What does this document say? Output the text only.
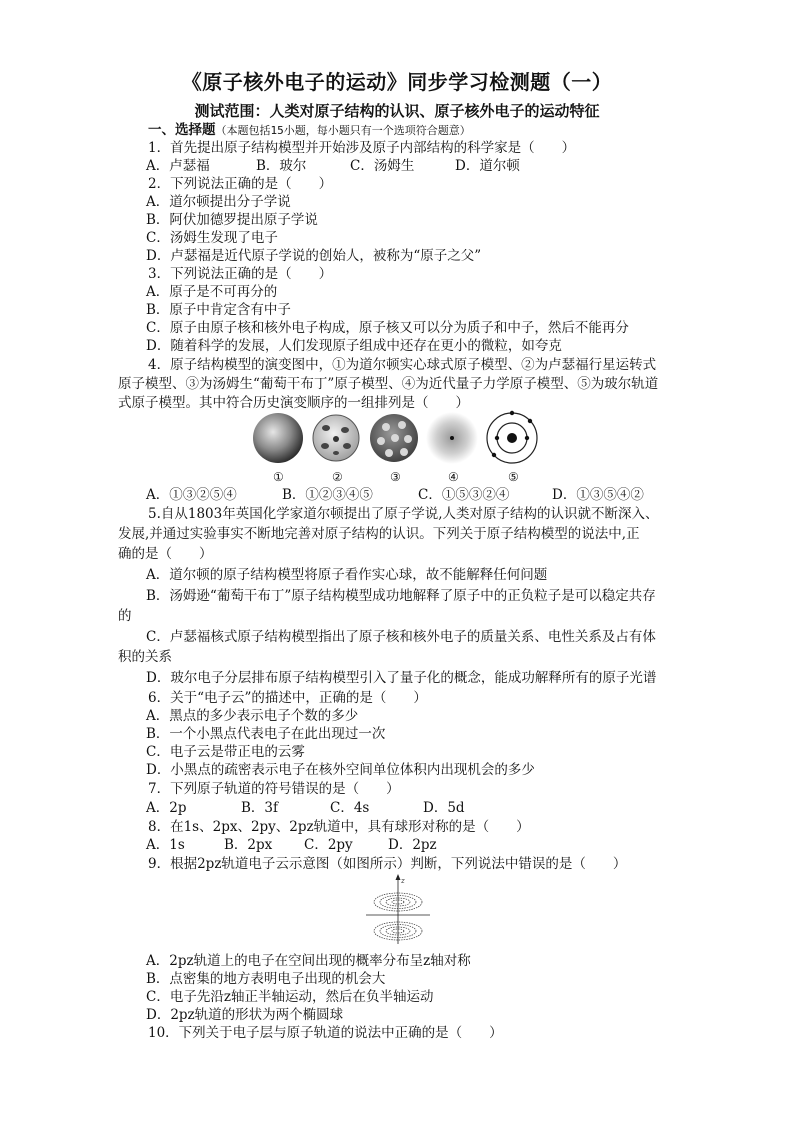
《原子核外电子的运动》同步学习检测题（一）
测试范围：人类对原子结构的认识、原子核外电子的运动特征
一、选择题（本题包括15小题，每小题只有一个选项符合题意）
1．首先提出原子结构模型并开始涉及原子内部结构的科学家是（　　）
A．卢瑟福	B．玻尔	C．汤姆生	D．道尔顿
2．下列说法正确的是（　　）
A．道尔顿提出分子学说
B．阿伏加德罗提出原子学说
C．汤姆生发现了电子
D．卢瑟福是近代原子学说的创始人，被称为“原子之父”
3．下列说法正确的是（　　）
A．原子是不可再分的
B．原子中肯定含有中子
C．原子由原子核和核外电子构成，原子核又可以分为质子和中子，然后不能再分
D．随着科学的发展，人们发现原子组成中还存在更小的微粒，如夸克
4．原子结构模型的演变图中，①为道尔顿实心球式原子模型、②为卢瑟福行星运转式
原子模型、③为汤姆生“葡萄干布丁”原子模型、④为近代量子力学原子模型、⑤为玻尔轨道
式原子模型。其中符合历史演变顺序的一组排列是（　　）
①	②	③	④	⑤
A．①③②⑤④	B．①②③④⑤	C．①⑤③②④	D．①③⑤④②
5.自从1803年英国化学家道尔顿提出了原子学说,人类对原子结构的认识就不断深入、
发展,并通过实验事实不断地完善对原子结构的认识。下列关于原子结构模型的说法中,正
确的是（　　）
A．道尔顿的原子结构模型将原子看作实心球，故不能解释任何问题
B．汤姆逊“葡萄干布丁”原子结构模型成功地解释了原子中的正负粒子是可以稳定共存
的
C．卢瑟福核式原子结构模型指出了原子核和核外电子的质量关系、电性关系及占有体
积的关系
D．玻尔电子分层排布原子结构模型引入了量子化的概念，能成功解释所有的原子光谱
6．关于“电子云”的描述中，正确的是（　　）
A．黑点的多少表示电子个数的多少
B．一个小黑点代表电子在此出现过一次
C．电子云是带正电的云雾
D．小黑点的疏密表示电子在核外空间单位体积内出现机会的多少
7．下列原子轨道的符号错误的是（　　）
A．2p	B．3f	C．4s	D．5d
8．在1s、2px、2py、2pz轨道中，具有球形对称的是（　　）
A．1s	B．2px C．2py	D．2pz
9．根据2pz轨道电子云示意图（如图所示）判断，下列说法中错误的是（　　）
z
A．2pz轨道上的电子在空间出现的概率分布呈z轴对称
B．点密集的地方表明电子出现的机会大
C．电子先沿z轴正半轴运动，然后在负半轴运动
D．2pz轨道的形状为两个椭圆球
10．下列关于电子层与原子轨道的说法中正确的是（　　）
